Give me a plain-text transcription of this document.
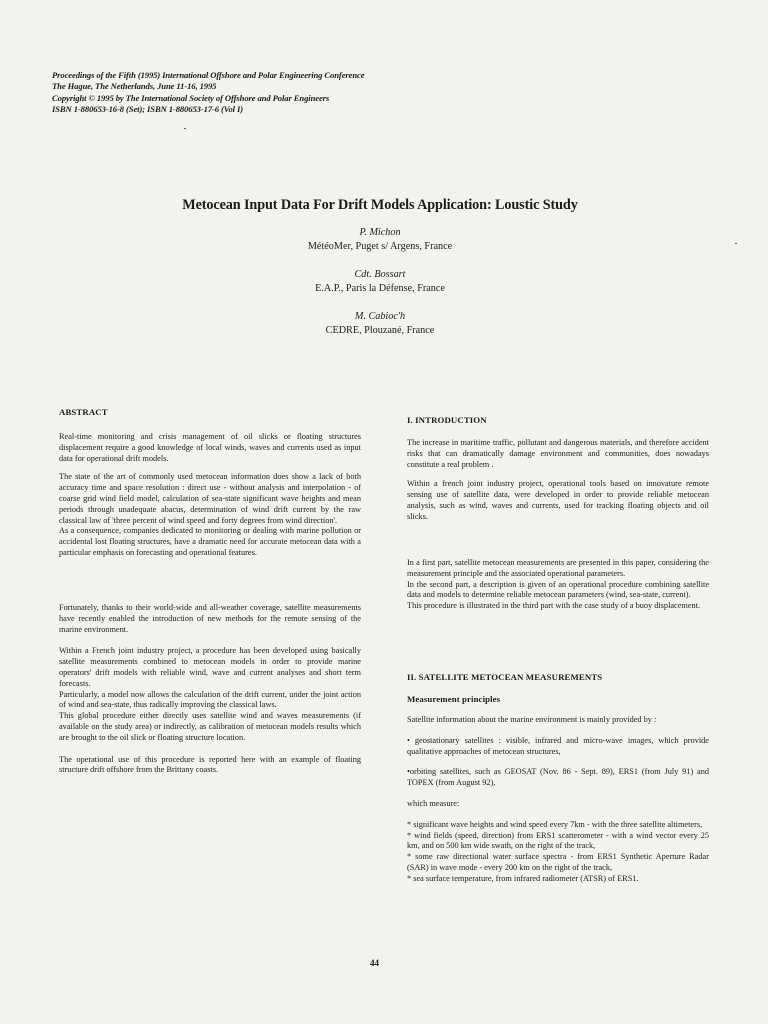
Proceedings of the Fifth (1995) International Offshore and Polar Engineering Conference
The Hague, The Netherlands, June 11-16, 1995
Copyright © 1995 by The International Society of Offshore and Polar Engineers
ISBN 1-880653-16-8 (Set); ISBN 1-880653-17-6 (Vol I)
Metocean Input Data For Drift Models Application: Loustic Study
P. Michon
MétéoMer, Puget s/ Argens, France
Cdt. Bossart
E.A.P., Paris la Défense, France
M. Cabioc'h
CEDRE, Plouzané, France
ABSTRACT

Real-time monitoring and crisis management of oil slicks or floating structures displacement require a good knowledge of local winds, waves and currents used as input data for operational drift models.

The state of the art of commonly used metocean information does show a lack of both accuracy time and space resolution : direct use - without analysis and interpolation - of coarse grid wind field model, calculation of sea-state significant wave heights and mean periods through unadequate abacus, determination of wind drift current by the raw classical law of 'three percent of wind speed and forty degrees from wind direction'.

As a consequence, companies dedicated to monitoring or dealing with marine pollution or accidental lost floating structures, have a dramatic need for accurate metocean data with a particular emphasis on forecasting and operational features.

Fortunately, thanks to their world-wide and all-weather coverage, satellite measurements have recently enabled the introduction of new methods for the remote sensing of the marine environment.

Within a French joint industry project, a procedure has been developed using basically satellite measurements combined to metocean models in order to provide marine operators' drift models with reliable wind, wave and current analyses and short term forecasts.

Particularly, a model now allows the calculation of the drift current, under the joint action of wind and sea-state, thus radically improving the classical laws.

This global procedure either directly uses satellite wind and waves measurements (if available on the study area) or indirectly, as calibration of metocean models results which are brought to the oil slick or floating structure location.

The operational use of this procedure is reported here with an example of floating structure drift offshore from the Brittany coasts.

I. INTRODUCTION

The increase in maritime traffic, pollutant and dangerous materials, and therefore accident risks that can dramatically damage environment and communities, does nowadays constitute a real problem .

Within a french joint industry project, operational tools based on innovature remote sensing use of satellite data, were developed in order to provide reliable metocean analysis, such as wind, waves and currents, used for tracking floating objects and oil slicks.

In a first part, satellite metocean measurements are presented in this paper, considering the measurement principle and the associated operational parameters.

In the second part, a description is given of an operational procedure combining satellite data and models to determine reliable metocean parameters (wind, sea-state, current).

This procedure is illustrated in the third part with the case study of a buoy displacement.

II. SATELLITE METOCEAN MEASUREMENTS
Measurement principles

Satellite information about the marine environment is mainly provided by :

• geostationary satellites : visible, infrared and micro-wave images, which provide qualitative approaches of metocean structures,

•orbiting satellites, such as GEOSAT (Nov. 86 - Sept. 89), ERS1 (from July 91) and TOPEX (from August 92),

which measure:

* significant wave heights and wind speed every 7km - with the three satellite altimeters,

* wind fields (speed, direction) from ERS1 scatterometer - with a wind vector every 25 km, and on 500 km wide swath, on the right of the track,

* some raw directional water surface spectra - from ERS1 Synthetic Aperture Radar (SAR) in wave mode - every 200 km on the right of the track,

* sea surface temperature, from infrared radiometer (ATSR) of ERS1.

44
